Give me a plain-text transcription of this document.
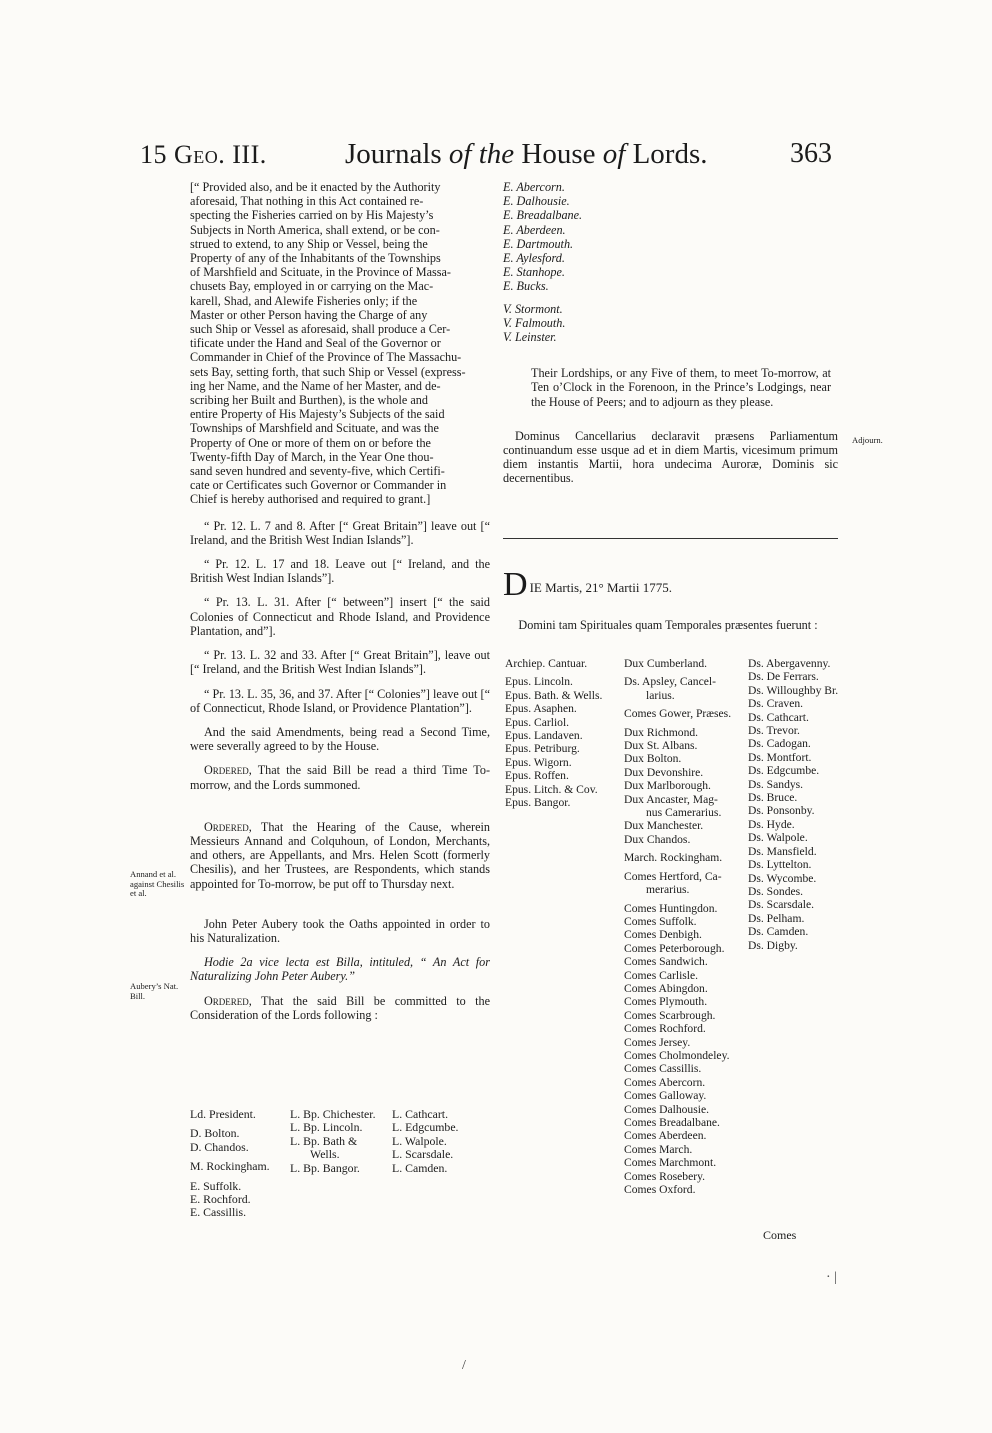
15 Geo. III.	Journals of the House of Lords.	363

[“ Provided also, and be it enacted by the Authority

aforesaid, That nothing in this Act contained re-

specting the Fisheries carried on by His Majesty’s

Subjects in North America, shall extend, or be con-

strued to extend, to any Ship or Vessel, being the

Property of any of the Inhabitants of the Townships

of Marshfield and Scituate, in the Province of Massa-

chusets Bay, employed in or carrying on the Mac-

karell, Shad, and Alewife Fisheries only; if the

Master or other Person having the Charge of any

such Ship or Vessel as aforesaid, shall produce a Cer-

tificate under the Hand and Seal of the Governor or

Commander in Chief of the Province of The Massachu-

sets Bay, setting forth, that such Ship or Vessel (express-

ing her Name, and the Name of her Master, and de-

scribing her Built and Burthen), is the whole and

entire Property of His Majesty’s Subjects of the said

Townships of Marshfield and Scituate, and was the

Property of One or more of them on or before the

Twenty-fifth Day of March, in the Year One thou-

sand seven hundred and seventy-five, which Certifi-

cate or Certificates such Governor or Commander in

Chief is hereby authorised and required to grant.]

“ Pr. 12. L. 7 and 8. After [“ Great Britain”] leave out [“ Ireland, and the British West Indian Islands”].

“ Pr. 12. L. 17 and 18. Leave out [“ Ireland, and the British West Indian Islands”].

“ Pr. 13. L. 31. After [“ between”] insert [“ the said Colonies of Connecticut and Rhode Island, and Providence Plantation, and”].

“ Pr. 13. L. 32 and 33. After [“ Great Britain”], leave out [“ Ireland, and the British West Indian Islands”].

“ Pr. 13. L. 35, 36, and 37. After [“ Colonies”] leave out [“ of Connecticut, Rhode Island, or Providence Plantation”].

And the said Amendments, being read a Second Time, were severally agreed to by the House.

Ordered, That the said Bill be read a third Time To-morrow, and the Lords summoned.

Ordered, That the Hearing of the Cause, wherein Messieurs Annand and Colquhoun, of London, Merchants, and others, are Appellants, and Mrs. Helen Scott (formerly Chesilis), and her Trustees, are Respondents, which stands appointed for To-morrow, be put off to Thursday next.

John Peter Aubery took the Oaths appointed in order to his Naturalization.

Hodie 2a vice lecta est Billa, intituled, “ An Act for Naturalizing John Peter Aubery.”

Ordered, That the said Bill be committed to the Consideration of the Lords following :

Ld. President.
D. Bolton.
D. Chandos.
M. Rockingham.
E. Suffolk.
E. Rochford.
E. Cassillis.
L. Bp. Chichester.
L. Bp. Lincoln.
L. Bp. Bath &
Wells.
L. Bp. Bangor.
L. Cathcart.
L. Edgcumbe.
L. Walpole.
L. Scarsdale.
L. Camden.
Annand et al. against Chesilis et al.
Aubery’s Nat. Bill.
Adjourn.
E. Abercorn.
E. Dalhousie.
E. Breadalbane.
E. Aberdeen.
E. Dartmouth.
E. Aylesford.
E. Stanhope.
E. Bucks.
V. Stormont.
V. Falmouth.
V. Leinster.

Their Lordships, or any Five of them, to meet To-morrow, at Ten o’Clock in the Forenoon, in the Prince’s Lodgings, near the House of Peers; and to adjourn as they please.

Dominus Cancellarius declaravit præsens Parliamentum continuandum esse usque ad et in diem Martis, vicesimum primum diem instantis Martii, hora undecima Auroræ, Dominis sic decernentibus.

DIE Martis, 21° Martii 1775.
Domini tam Spirituales quam Temporales præsentes fuerunt :
Archiep. Cantuar.
Epus. Lincoln.
Epus. Bath. & Wells.
Epus. Asaphen.
Epus. Carliol.
Epus. Landaven.
Epus. Petriburg.
Epus. Wigorn.
Epus. Roffen.
Epus. Litch. & Cov.
Epus. Bangor.
Dux Cumberland.
Ds. Apsley, Cancel-
larius.
Comes Gower, Præses.
Dux Richmond.
Dux St. Albans.
Dux Bolton.
Dux Devonshire.
Dux Marlborough.
Dux Ancaster, Mag-
nus Camerarius.
Dux Manchester.
Dux Chandos.
March. Rockingham.
Comes Hertford, Ca-
merarius.
Comes Huntingdon.
Comes Suffolk.
Comes Denbigh.
Comes Peterborough.
Comes Sandwich.
Comes Carlisle.
Comes Abingdon.
Comes Plymouth.
Comes Scarbrough.
Comes Rochford.
Comes Jersey.
Comes Cholmondeley.
Comes Cassillis.
Comes Abercorn.
Comes Galloway.
Comes Dalhousie.
Comes Breadalbane.
Comes Aberdeen.
Comes March.
Comes Marchmont.
Comes Rosebery.
Comes Oxford.
Ds. Abergavenny.
Ds. De Ferrars.
Ds. Willoughby Br.
Ds. Craven.
Ds. Cathcart.
Ds. Trevor.
Ds. Cadogan.
Ds. Montfort.
Ds. Edgcumbe.
Ds. Sandys.
Ds. Bruce.
Ds. Ponsonby.
Ds. Hyde.
Ds. Walpole.
Ds. Mansfield.
Ds. Lyttelton.
Ds. Wycombe.
Ds. Sondes.
Ds. Scarsdale.
Ds. Pelham.
Ds. Camden.
Ds. Digby.
Comes
· |
/
